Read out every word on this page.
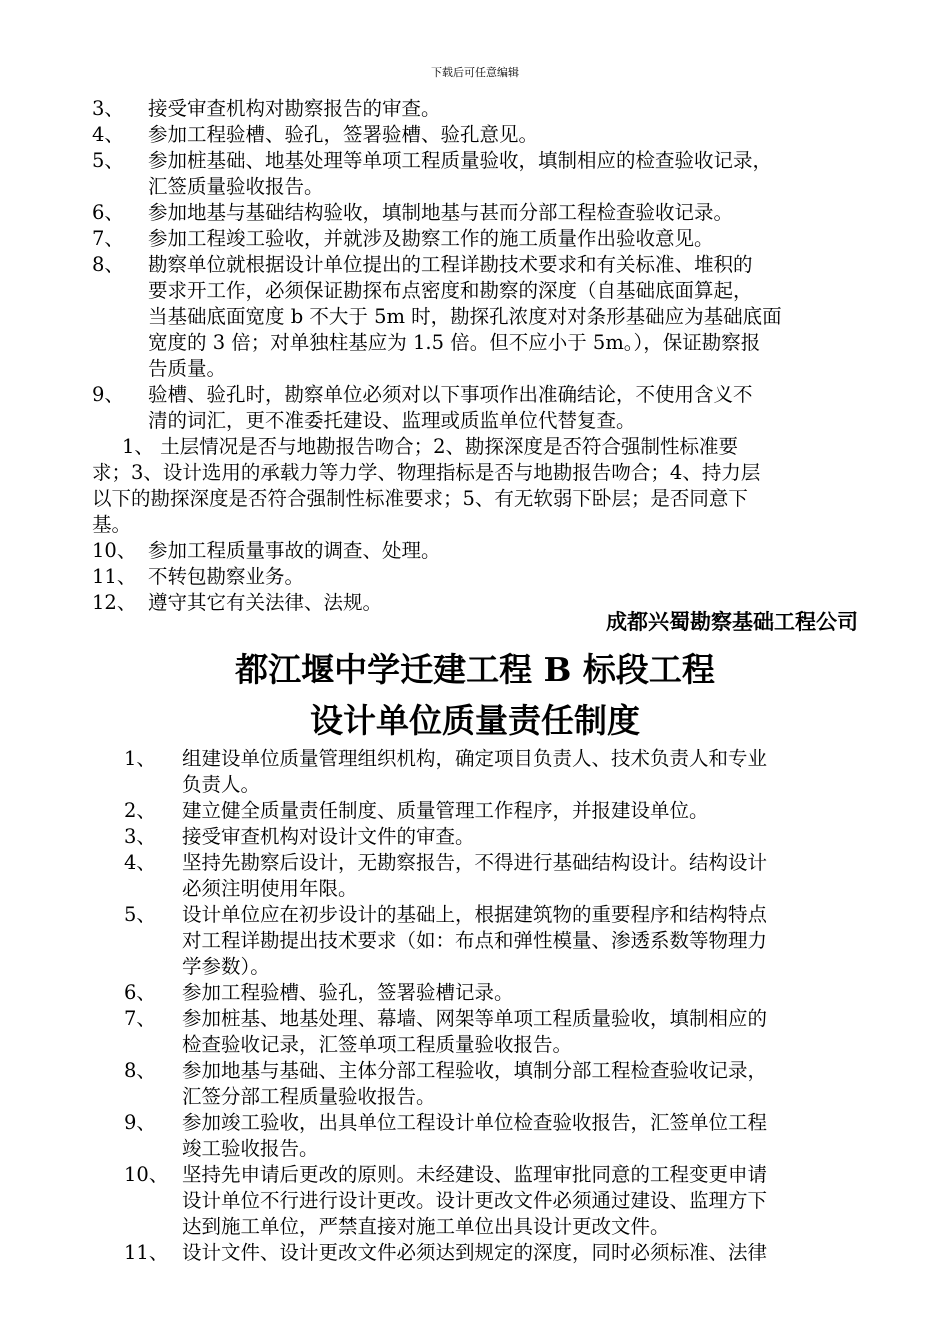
下载后可任意编辑
3、 接受审查机构对勘察报告的审查。
4、 参加工程验槽、验孔，签署验槽、验孔意见。
5、 参加桩基础、地基处理等单项工程质量验收，填制相应的检查验收记录，
汇签质量验收报告。
6、 参加地基与基础结构验收，填制地基与甚而分部工程检查验收记录。
7、 参加工程竣工验收，并就涉及勘察工作的施工质量作出验收意见。
8、 勘察单位就根据设计单位提出的工程详勘技术要求和有关标准、堆积的
要求开工作，必须保证勘探布点密度和勘察的深度（自基础底面算起，
当基础底面宽度 b 不大于 5m 时，勘探孔浓度对对条形基础应为基础底面
宽度的 3 倍；对单独柱基应为 1.5 倍。但不应小于 5m。），保证勘察报
告质量。
9、 验槽、验孔时，勘察单位必须对以下事项作出准确结论，不使用含义不
清的词汇，更不准委托建设、监理或质监单位代替复查。
1、 土层情况是否与地勘报告吻合；2、勘探深度是否符合强制性标准要
求；3、设计选用的承载力等力学、物理指标是否与地勘报告吻合；4、持力层
以下的勘探深度是否符合强制性标准要求；5、有无软弱下卧层；是否同意下
基。
10、 参加工程质量事故的调查、处理。
11、 不转包勘察业务。
12、 遵守其它有关法律、法规。
成都兴蜀勘察基础工程公司
都江堰中学迁建工程 B 标段工程
设计单位质量责任制度
1、 组建设单位质量管理组织机构，确定项目负责人、技术负责人和专业
负责人。
2、 建立健全质量责任制度、质量管理工作程序，并报建设单位。
3、 接受审查机构对设计文件的审查。
4、 坚持先勘察后设计，无勘察报告，不得进行基础结构设计。结构设计
必须注明使用年限。
5、 设计单位应在初步设计的基础上，根据建筑物的重要程序和结构特点
对工程详勘提出技术要求（如：布点和弹性模量、渗透系数等物理力
学参数）。
6、 参加工程验槽、验孔，签署验槽记录。
7、 参加桩基、地基处理、幕墙、网架等单项工程质量验收，填制相应的
检查验收记录，汇签单项工程质量验收报告。
8、 参加地基与基础、主体分部工程验收，填制分部工程检查验收记录，
汇签分部工程质量验收报告。
9、 参加竣工验收，出具单位工程设计单位检查验收报告，汇签单位工程
竣工验收报告。
10、 坚持先申请后更改的原则。未经建设、监理审批同意的工程变更申请
设计单位不行进行设计更改。设计更改文件必须通过建设、监理方下
达到施工单位，严禁直接对施工单位出具设计更改文件。
11、 设计文件、设计更改文件必须达到规定的深度，同时必须标准、法律
